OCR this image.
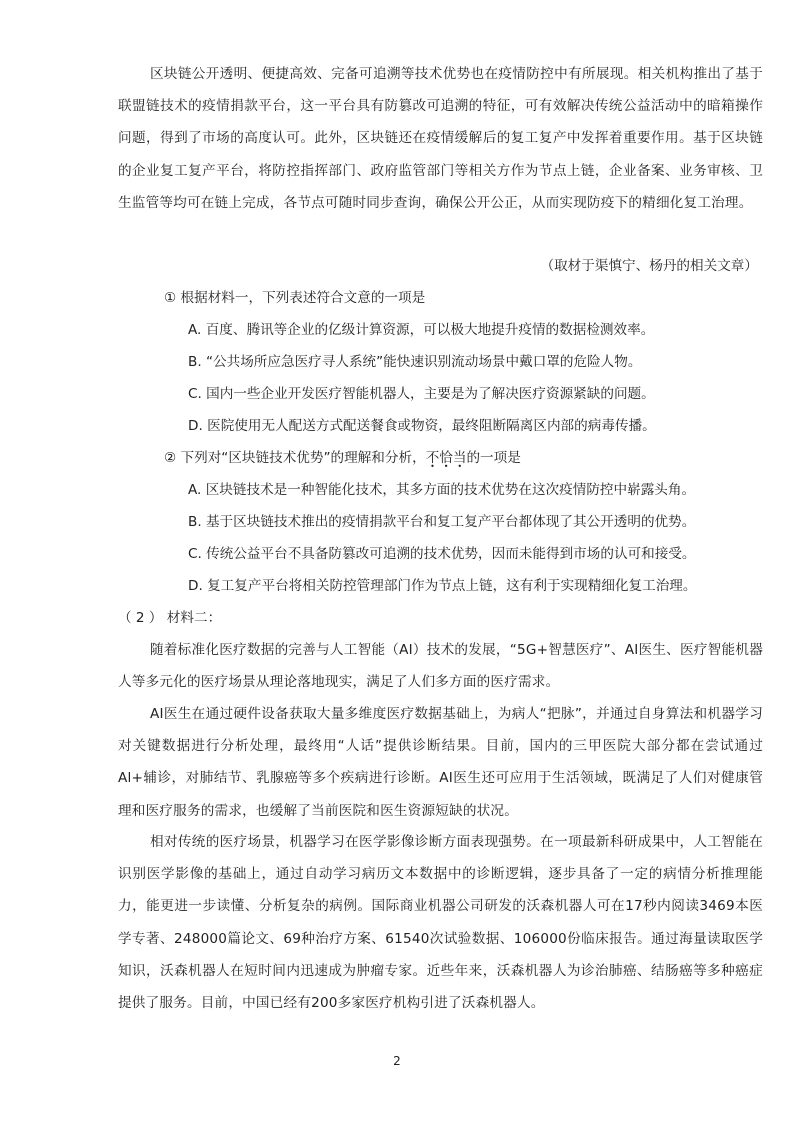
区块链公开透明、便捷高效、完备可追溯等技术优势也在疫情防控中有所展现。相关机构推出了基于联盟链技术的疫情捐款平台，这一平台具有防篡改可追溯的特征，可有效解决传统公益活动中的暗箱操作问题，得到了市场的高度认可。此外，区块链还在疫情缓解后的复工复产中发挥着重要作用。基于区块链的企业复工复产平台，将防控指挥部门、政府监管部门等相关方作为节点上链，企业备案、业务审核、卫生监管等均可在链上完成，各节点可随时同步查询，确保公开公正，从而实现防疫下的精细化复工治理。
（取材于渠慎宁、杨丹的相关文章）
① 根据材料一，下列表述符合文意的一项是
A. 百度、腾讯等企业的亿级计算资源，可以极大地提升疫情的数据检测效率。
B. “公共场所应急医疗寻人系统”能快速识别流动场景中戴口罩的危险人物。
C. 国内一些企业开发医疗智能机器人，主要是为了解决医疗资源紧缺的问题。
D. 医院使用无人配送方式配送餐食或物资，最终阻断隔离区内部的病毒传播。
② 下列对“区块链技术优势”的理解和分析，不恰当的一项是
A. 区块链技术是一种智能化技术，其多方面的技术优势在这次疫情防控中崭露头角。
B. 基于区块链技术推出的疫情捐款平台和复工复产平台都体现了其公开透明的优势。
C. 传统公益平台不具备防篡改可追溯的技术优势，因而未能得到市场的认可和接受。
D. 复工复产平台将相关防控管理部门作为节点上链，这有利于实现精细化复工治理。
（ 2 ） 材料二：
随着标准化医疗数据的完善与人工智能（AI）技术的发展，“5G+智慧医疗”、AI医生、医疗智能机器人等多元化的医疗场景从理论落地现实，满足了人们多方面的医疗需求。
AI医生在通过硬件设备获取大量多维度医疗数据基础上，为病人“把脉”，并通过自身算法和机器学习对关键数据进行分析处理，最终用“人话”提供诊断结果。目前，国内的三甲医院大部分都在尝试通过Al+辅诊，对肺结节、乳腺癌等多个疾病进行诊断。AI医生还可应用于生活领域，既满足了人们对健康管理和医疗服务的需求，也缓解了当前医院和医生资源短缺的状况。
相对传统的医疗场景，机器学习在医学影像诊断方面表现强势。在一项最新科研成果中，人工智能在识别医学影像的基础上，通过自动学习病历文本数据中的诊断逻辑，逐步具备了一定的病情分析推理能力，能更进一步读懂、分析复杂的病例。国际商业机器公司研发的沃森机器人可在17秒内阅读3469本医学专著、248000篇论文、69种治疗方案、61540次试验数据、106000份临床报告。通过海量读取医学知识，沃森机器人在短时间内迅速成为肿瘤专家。近些年来，沃森机器人为诊治肺癌、结肠癌等多种癌症提供了服务。目前，中国已经有200多家医疗机构引进了沃森机器人。
2
